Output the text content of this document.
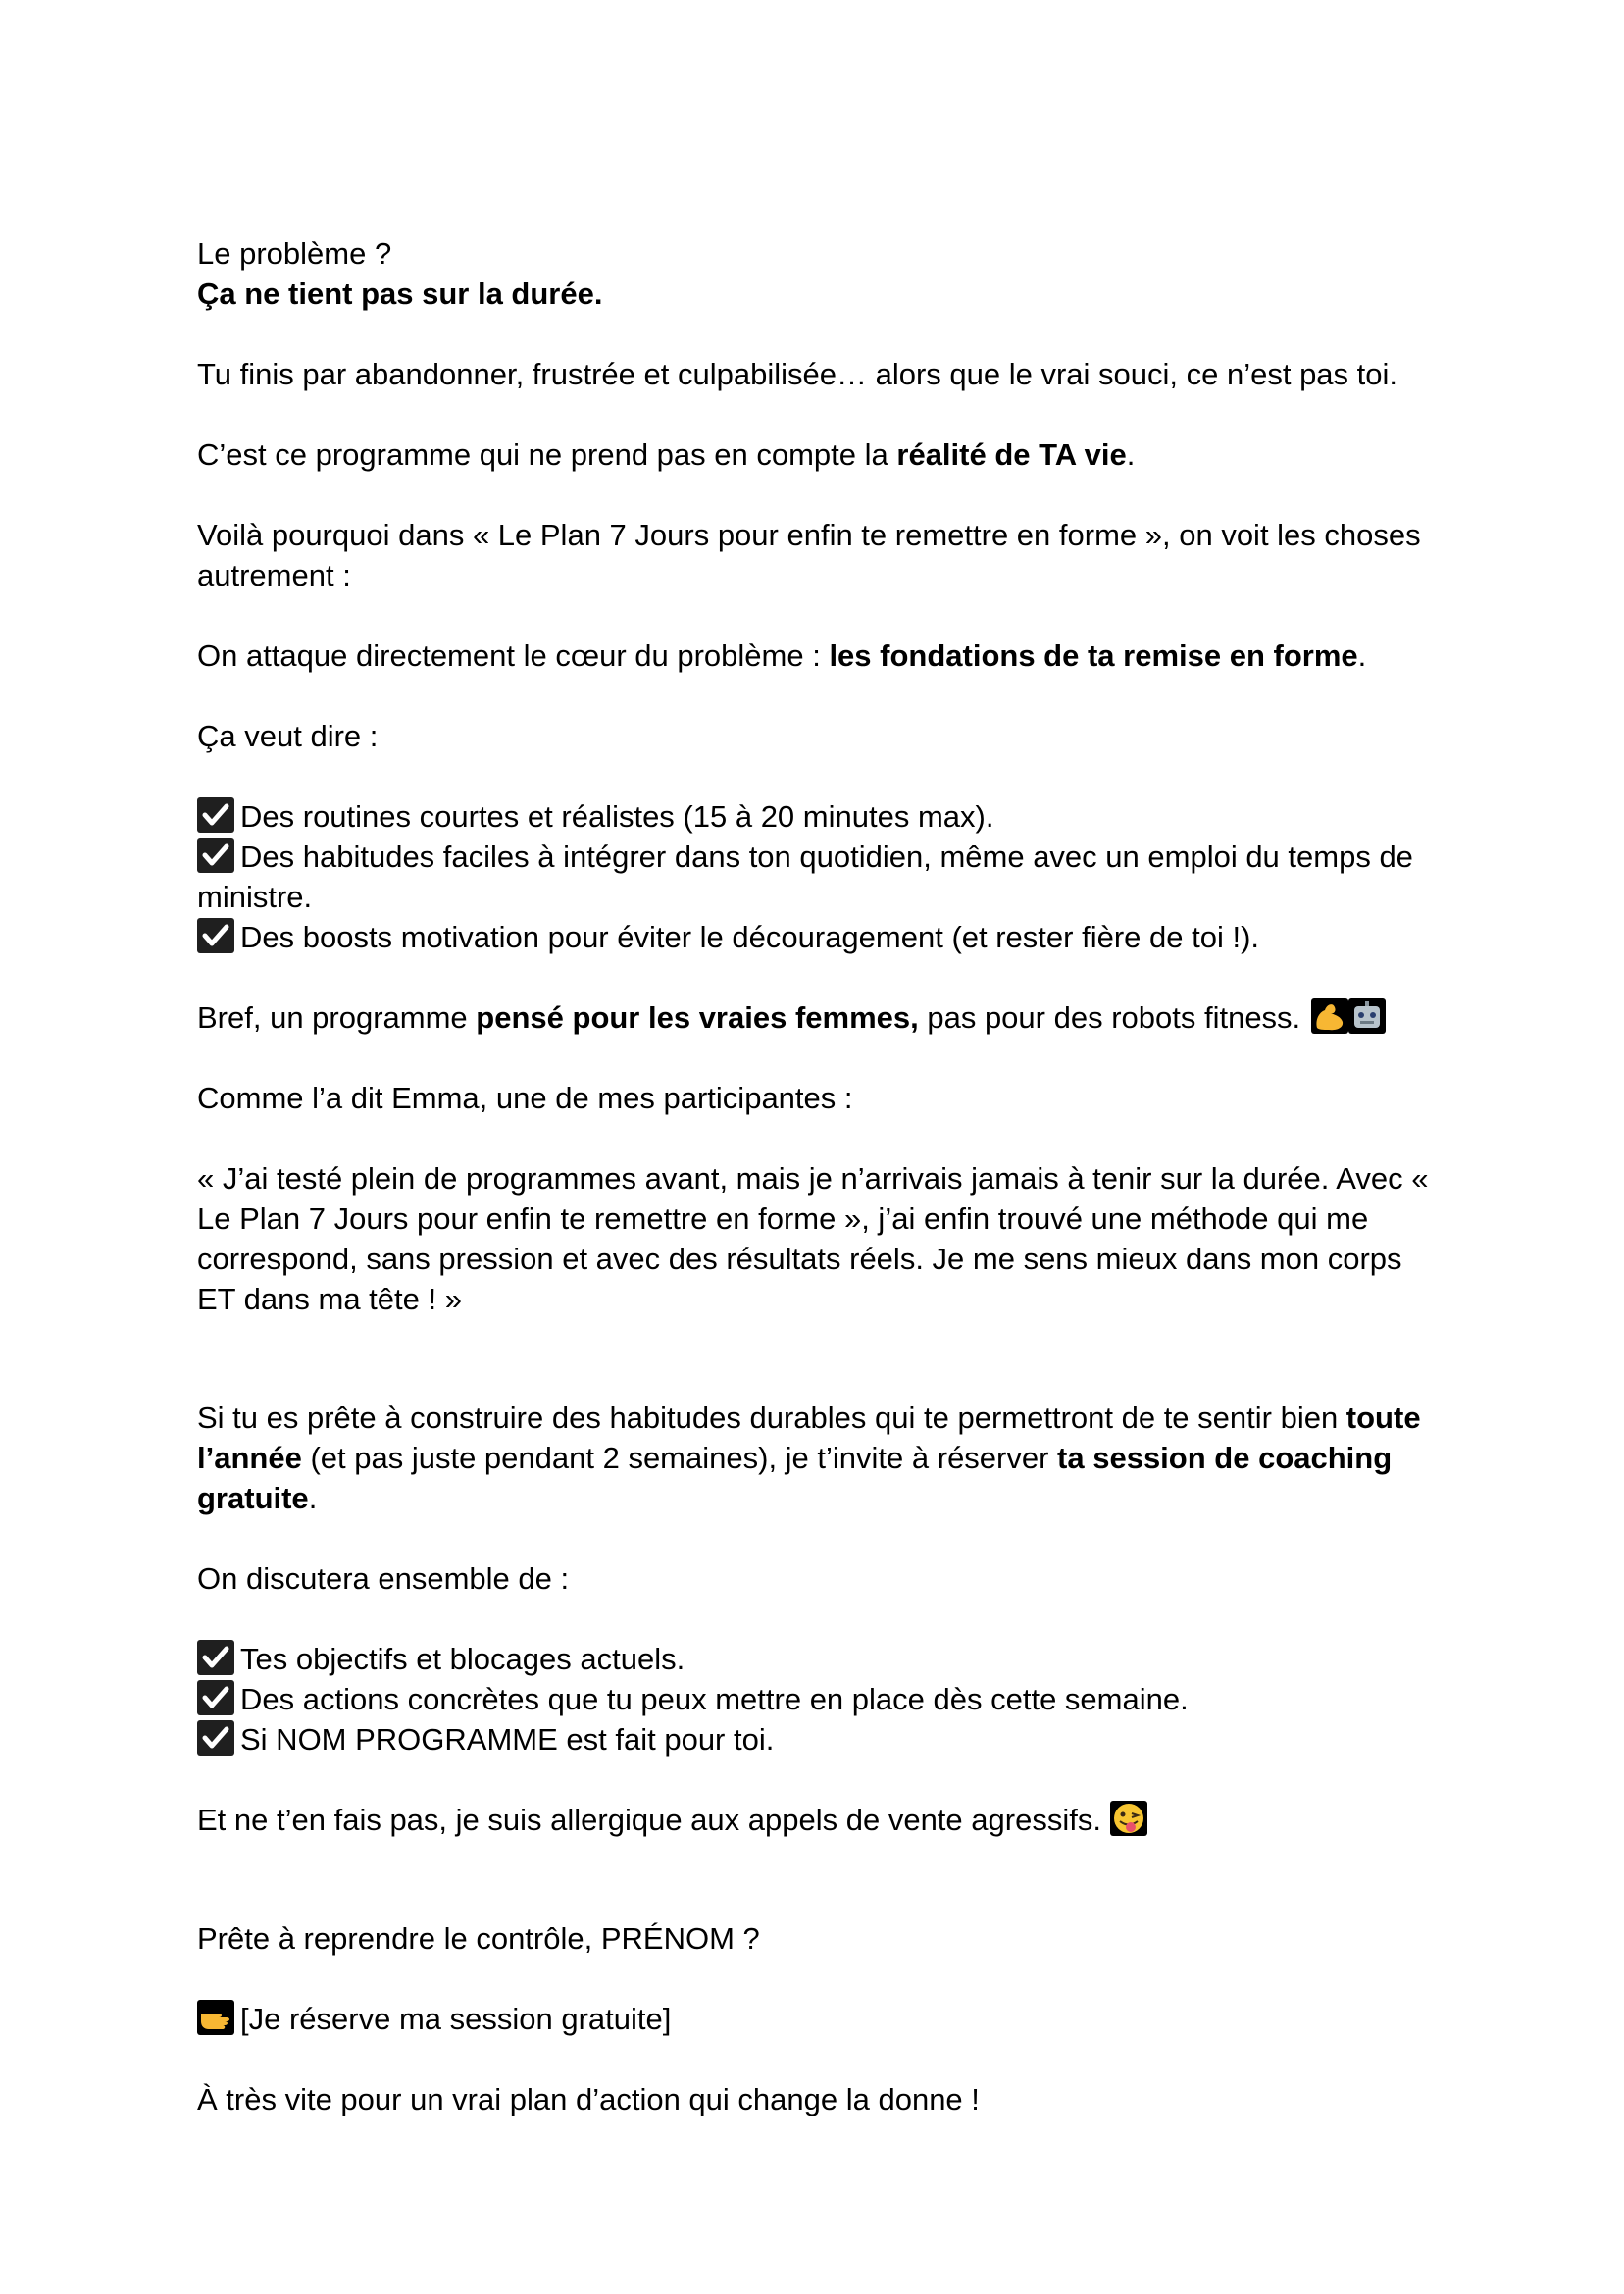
Le problème ?

Ça ne tient pas sur la durée.

Tu finis par abandonner, frustrée et culpabilisée… alors que le vrai souci, ce n’est pas toi.

C’est ce programme qui ne prend pas en compte la réalité de TA vie.

Voilà pourquoi dans « Le Plan 7 Jours pour enfin te remettre en forme », on voit les choses autrement :

On attaque directement le cœur du problème : les fondations de ta remise en forme.

Ça veut dire :

Des routines courtes et réalistes (15 à 20 minutes max).

Des habitudes faciles à intégrer dans ton quotidien, même avec un emploi du temps de ministre.

Des boosts motivation pour éviter le découragement (et rester fière de toi !).

Bref, un programme pensé pour les vraies femmes, pas pour des robots fitness.

Comme l’a dit Emma, une de mes participantes :

« J’ai testé plein de programmes avant, mais je n’arrivais jamais à tenir sur la durée. Avec « Le Plan 7 Jours pour enfin te remettre en forme », j’ai enfin trouvé une méthode qui me correspond, sans pression et avec des résultats réels. Je me sens mieux dans mon corps ET dans ma tête ! »

Si tu es prête à construire des habitudes durables qui te permettront de te sentir bien toute l’année (et pas juste pendant 2 semaines), je t’invite à réserver ta session de coaching gratuite.

On discutera ensemble de :

Tes objectifs et blocages actuels.

Des actions concrètes que tu peux mettre en place dès cette semaine.

Si NOM PROGRAMME est fait pour toi.

Et ne t’en fais pas, je suis allergique aux appels de vente agressifs.

Prête à reprendre le contrôle, PRÉNOM ?

[Je réserve ma session gratuite]

À très vite pour un vrai plan d’action qui change la donne !
